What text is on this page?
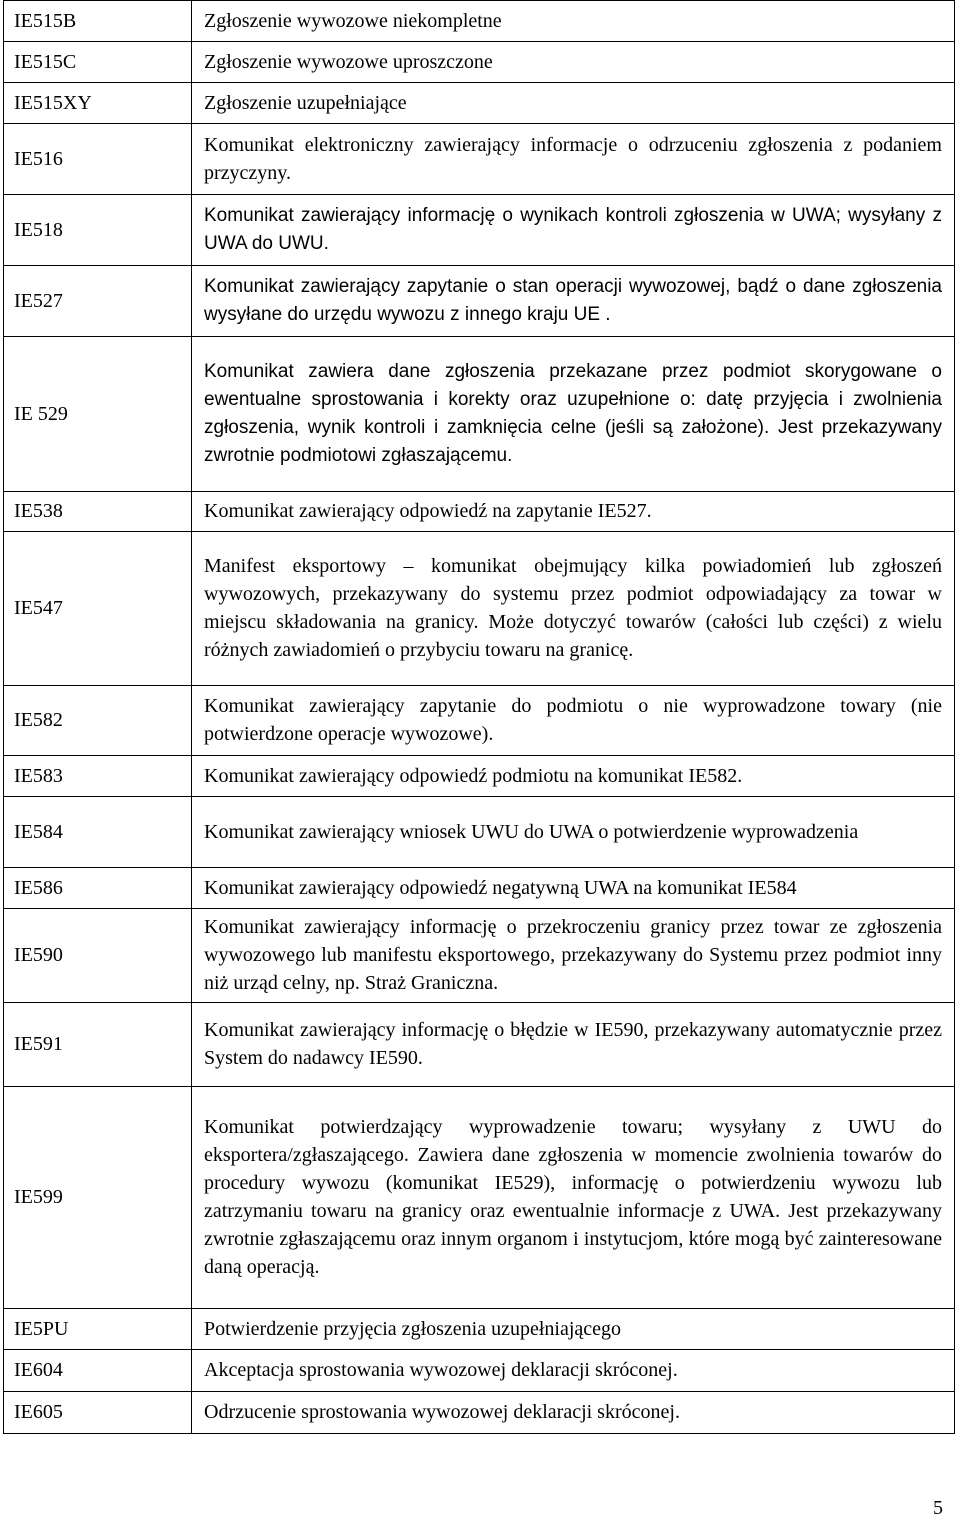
IE515B	Zgłoszenie wywozowe niekompletne
IE515C	Zgłoszenie wywozowe uproszczone
IE515XY	Zgłoszenie uzupełniające
IE516	Komunikat elektroniczny zawierający informacje o odrzuceniu zgłoszenia z podaniem przyczyny.
IE518	Komunikat zawierający informację o wynikach kontroli zgłoszenia w UWA; wysyłany z UWA do UWU.
IE527	Komunikat zawierający zapytanie o stan operacji wywozowej, bądź o dane zgłoszenia wysyłane do urzędu wywozu z innego kraju UE .
IE 529	Komunikat zawiera dane zgłoszenia przekazane przez podmiot skorygowane o ewentualne sprostowania i korekty oraz uzupełnione o: datę przyjęcia i zwolnienia zgłoszenia, wynik kontroli i zamknięcia celne (jeśli są założone). Jest przekazywany zwrotnie podmiotowi zgłaszającemu.
IE538	Komunikat zawierający odpowiedź na zapytanie IE527.
IE547	Manifest eksportowy – komunikat obejmujący kilka powiadomień lub zgłoszeń wywozowych, przekazywany do systemu przez podmiot odpowiadający za towar w miejscu składowania na granicy. Może dotyczyć towarów (całości lub części) z wielu różnych zawiadomień o przybyciu towaru na granicę.
IE582	Komunikat zawierający zapytanie do podmiotu o nie wyprowadzone towary (nie potwierdzone operacje wywozowe).
IE583	Komunikat zawierający odpowiedź podmiotu na komunikat IE582.
IE584	Komunikat zawierający wniosek UWU do UWA o potwierdzenie wyprowadzenia
IE586	Komunikat zawierający odpowiedź negatywną UWA na komunikat IE584
IE590	Komunikat zawierający informację o przekroczeniu granicy przez towar ze zgłoszenia wywozowego lub manifestu eksportowego, przekazywany do Systemu przez podmiot inny niż urząd celny, np. Straż Graniczna.
IE591	Komunikat zawierający informację o błędzie w IE590, przekazywany automatycznie przez System do nadawcy IE590.
IE599	Komunikat potwierdzający wyprowadzenie towaru; wysyłany z UWU do eksportera/zgłaszającego. Zawiera dane zgłoszenia w momencie zwolnienia towarów do procedury wywozu (komunikat IE529), informację o potwierdzeniu wywozu lub zatrzymaniu towaru na granicy oraz ewentualnie informacje z UWA. Jest przekazywany zwrotnie zgłaszającemu oraz innym organom i instytucjom, które mogą być zainteresowane daną operacją.
IE5PU	Potwierdzenie przyjęcia zgłoszenia uzupełniającego
IE604	Akceptacja sprostowania wywozowej deklaracji skróconej.
IE605	Odrzucenie sprostowania wywozowej deklaracji skróconej.
5
